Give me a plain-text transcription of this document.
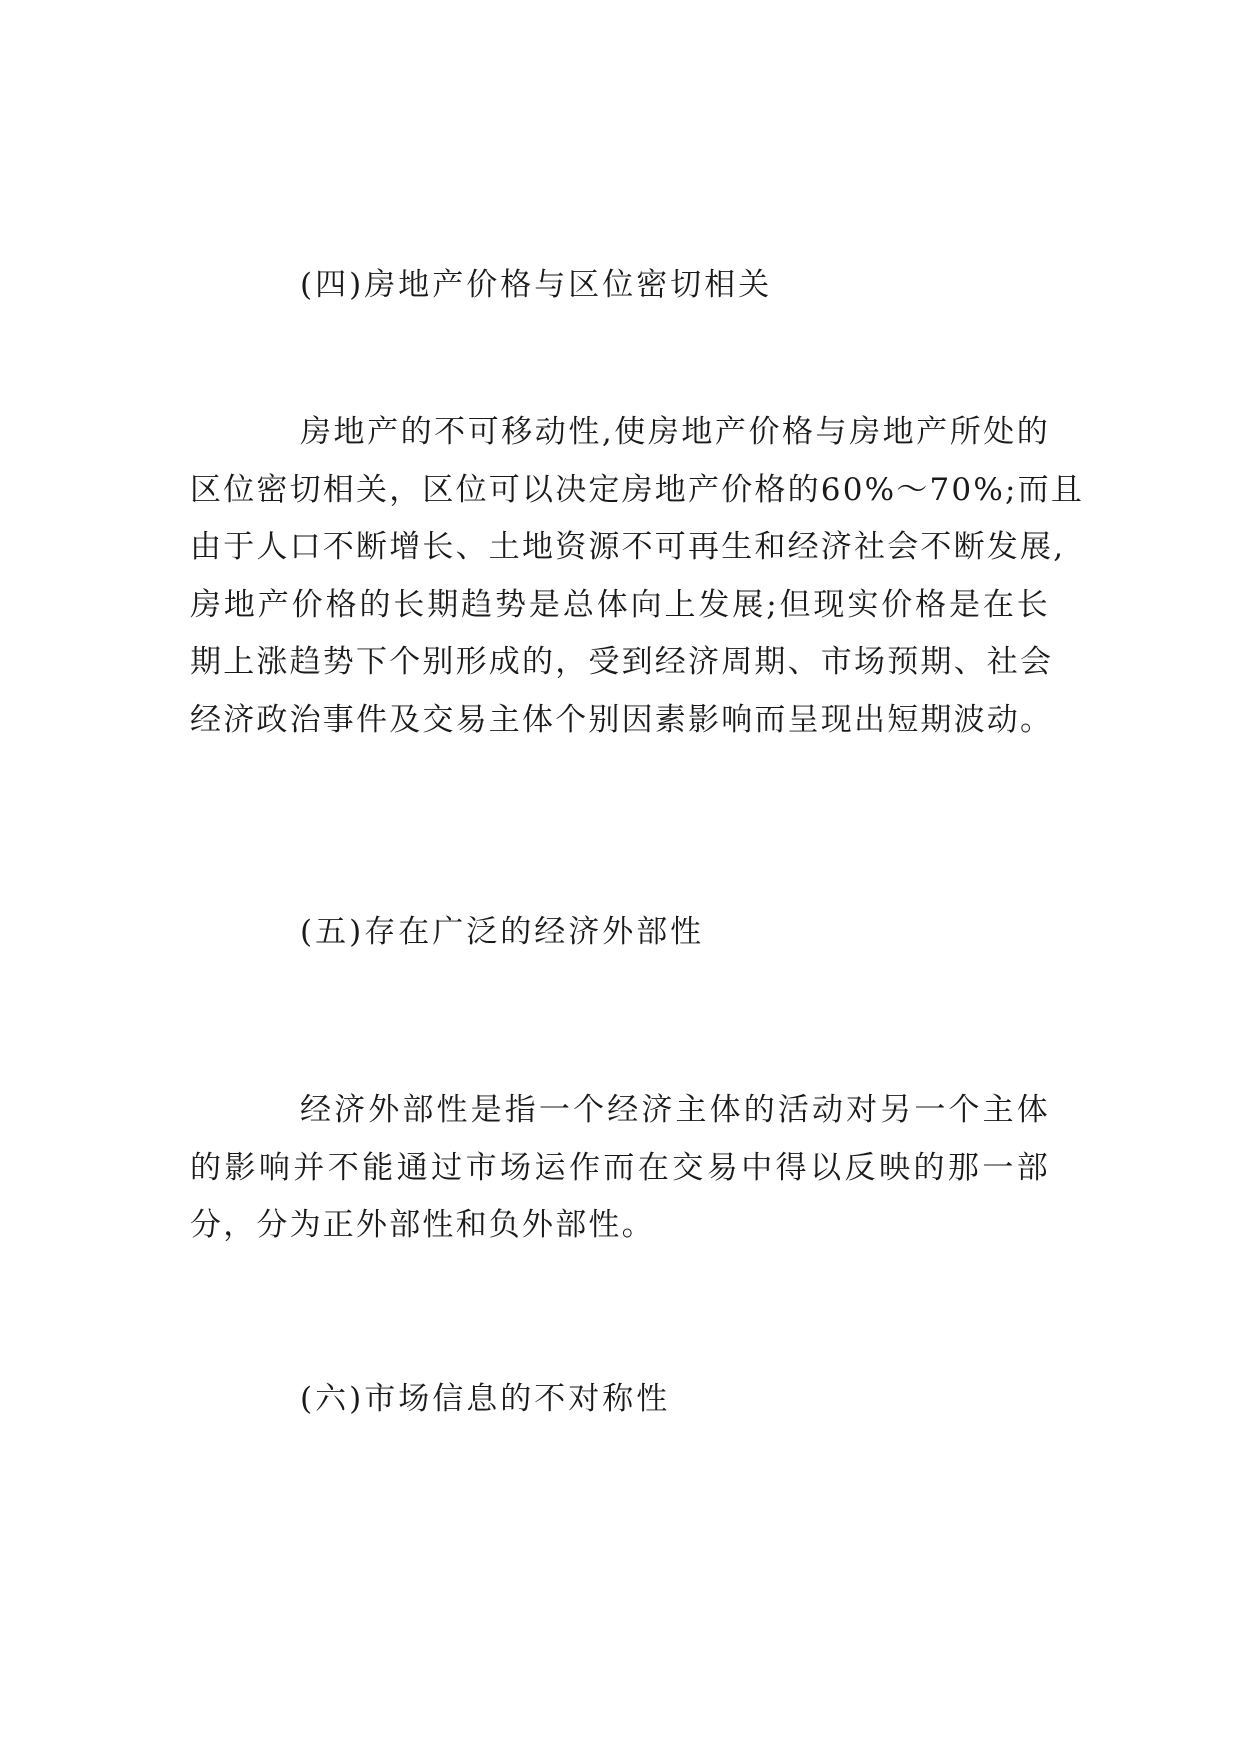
(四)房地产价格与区位密切相关
房地产的不可移动性,使房地产价格与房地产所处的
区位密切相关，区位可以决定房地产价格的60%～70%;而且
由于人口不断增长、土地资源不可再生和经济社会不断发展,
房地产价格的长期趋势是总体向上发展;但现实价格是在长
期上涨趋势下个别形成的，受到经济周期、市场预期、社会
经济政治事件及交易主体个别因素影响而呈现出短期波动。
(五)存在广泛的经济外部性
经济外部性是指一个经济主体的活动对另一个主体
的影响并不能通过市场运作而在交易中得以反映的那一部
分，分为正外部性和负外部性。
(六)市场信息的不对称性
